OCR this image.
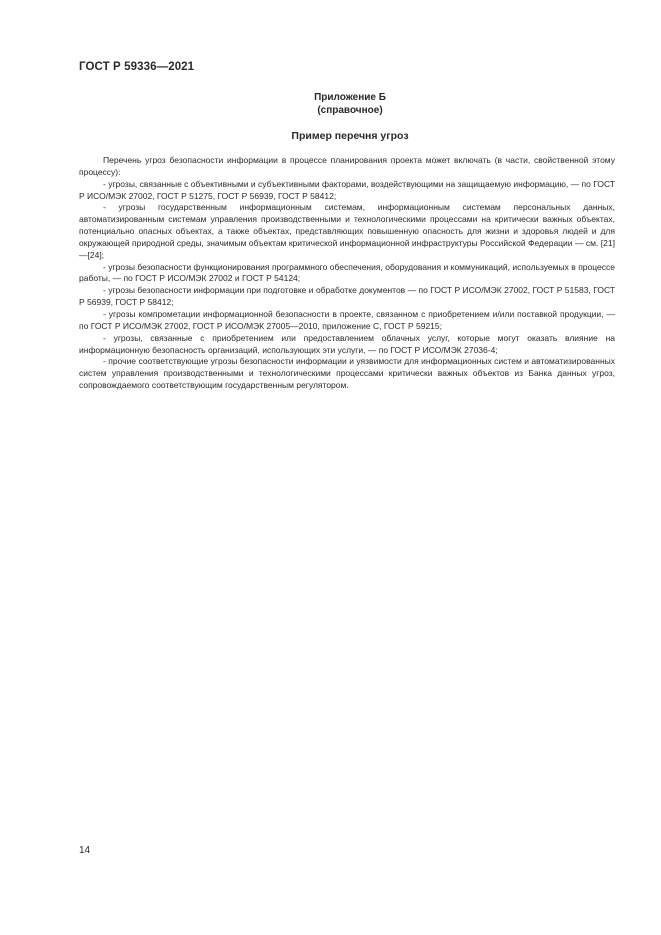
ГОСТ Р 59336—2021
Приложение Б
(справочное)
Пример перечня угроз

Перечень угроз безопасности информации в процессе планирования проекта может включать (в части, свойственной этому процессу):

- угрозы, связанные с объективными и субъективными факторами, воздействующими на защищаемую информацию, — по ГОСТ Р ИСО/МЭК 27002, ГОСТ Р 51275, ГОСТ Р 56939, ГОСТ Р 58412;

- угрозы государственным информационным системам, информационным системам персональных данных, автоматизированным системам управления производственными и технологическими процессами на критически важных объектах, потенциально опасных объектах, а также объектах, представляющих повышенную опасность для жизни и здоровья людей и для окружающей природной среды, значимым объектам критической информационной инфраструктуры Российской Федерации — см. [21]—[24];

- угрозы безопасности функционирования программного обеспечения, оборудования и коммуникаций, используемых в процессе работы, — по ГОСТ Р ИСО/МЭК 27002 и ГОСТ Р 54124;

- угрозы безопасности информации при подготовке и обработке документов — по ГОСТ Р ИСО/МЭК 27002, ГОСТ Р 51583, ГОСТ Р 56939, ГОСТ Р 58412;

- угрозы компрометации информационной безопасности в проекте, связанном с приобретением и/или поставкой продукции, — по ГОСТ Р ИСО/МЭК 27002, ГОСТ Р ИСО/МЭК 27005—2010, приложение С, ГОСТ Р 59215;

- угрозы, связанные с приобретением или предоставлением облачных услуг, которые могут оказать влияние на информационную безопасность организаций, использующих эти услуги, — по ГОСТ Р ИСО/МЭК 27036-4;

- прочие соответствующие угрозы безопасности информации и уязвимости для информационных систем и автоматизированных систем управления производственными и технологическими процессами критически важных объектов из Банка данных угроз, сопровождаемого соответствующим государственным регулятором.

14
